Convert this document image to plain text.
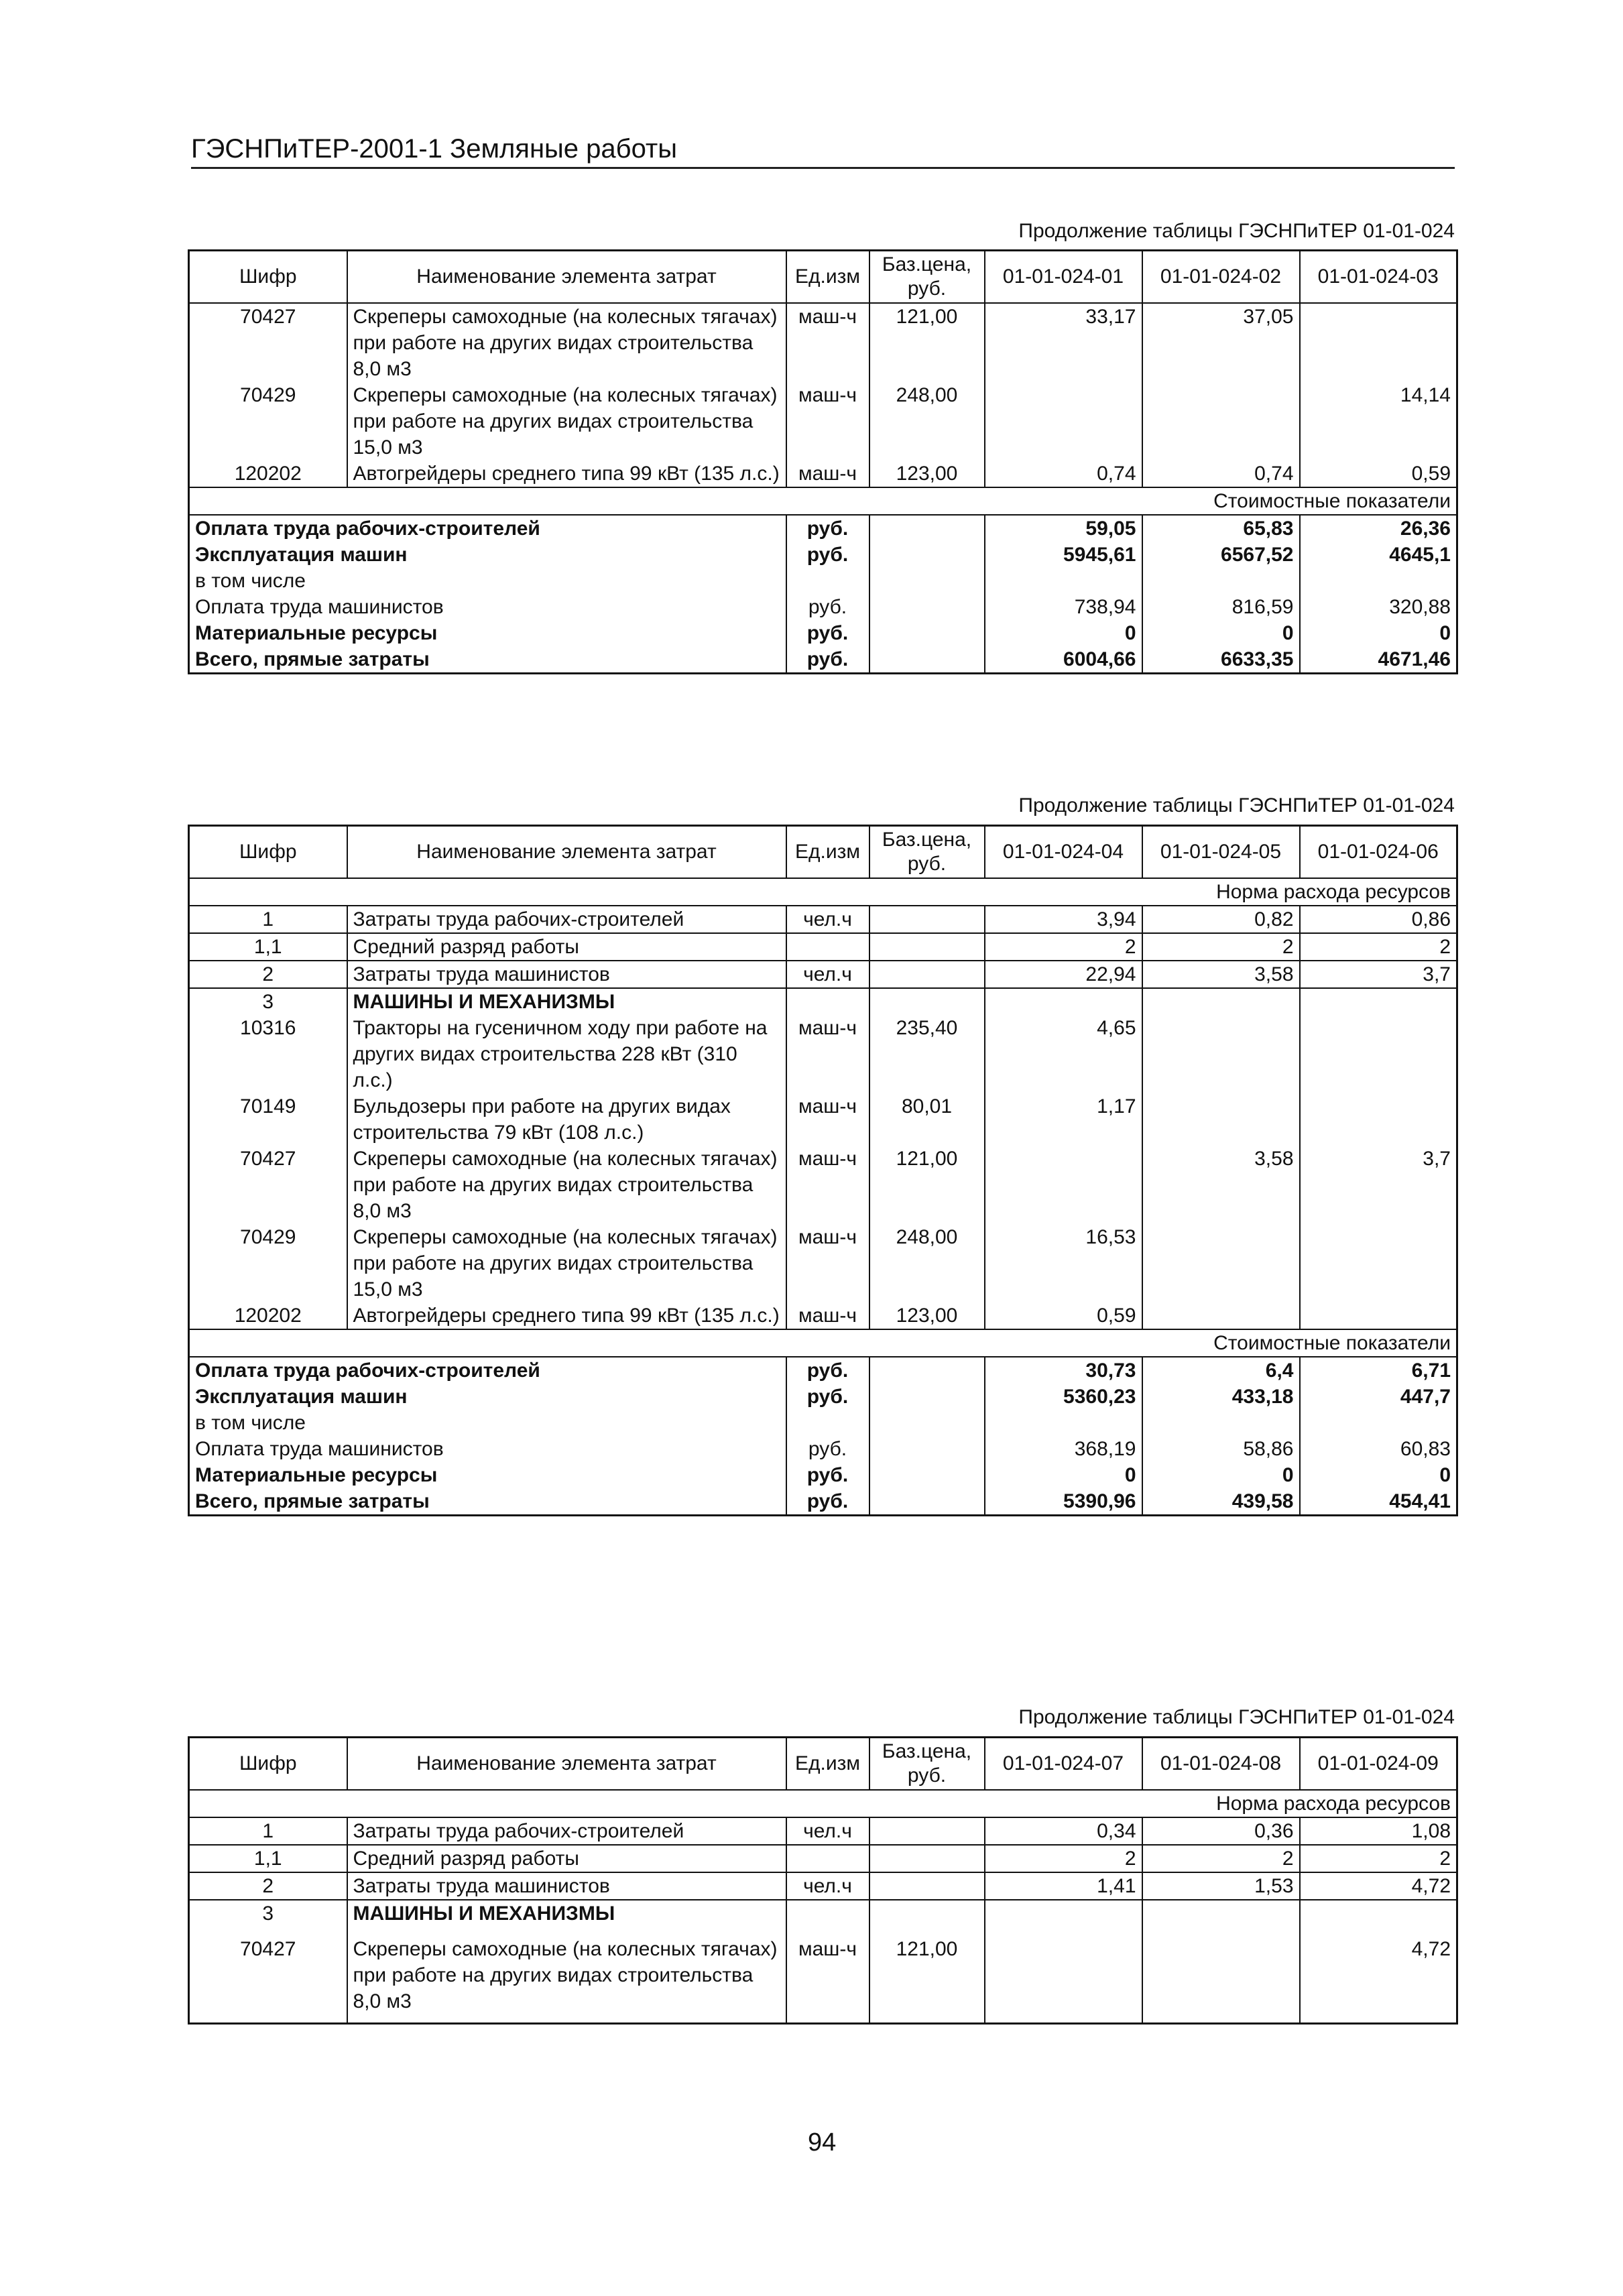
ГЭСНПиТЕР-2001-1 Земляные работы
Продолжение таблицы ГЭСНПиТЕР 01-01-024
Шифр	Наименование элемента затрат	Ед.изм	Баз.цена, руб.	01-01-024-01	01-01-024-02	01-01-024-03
70427	Скреперы самоходные (на колесных тягачах) при работе на других видах строительства 8,0 м3	маш-ч	121,00	33,17	37,05	
70429	Скреперы самоходные (на колесных тягачах) при работе на других видах строительства 15,0 м3	маш-ч	248,00			14,14
120202	Автогрейдеры среднего типа 99 кВт (135 л.с.)	маш-ч	123,00	0,74	0,74	0,59
Стоимостные показатели						
Оплата труда рабочих-строителей		руб.		59,05	65,83	26,36
Эксплуатация машин		руб.		5945,61	6567,52	4645,1
в том числе						
Оплата труда машинистов		руб.		738,94	816,59	320,88
Материальные ресурсы		руб.		0	0	0
Всего, прямые затраты		руб.		6004,66	6633,35	4671,46
Продолжение таблицы ГЭСНПиТЕР 01-01-024
Шифр	Наименование элемента затрат	Ед.изм	Баз.цена, руб.	01-01-024-04	01-01-024-05	01-01-024-06
Норма расхода ресурсов						
1	Затраты труда рабочих-строителей	чел.ч		3,94	0,82	0,86
1,1	Средний разряд работы			2	2	2
2	Затраты труда машинистов	чел.ч		22,94	3,58	3,7
3	МАШИНЫ И МЕХАНИЗМЫ					
10316	Тракторы на гусеничном ходу при работе на других видах строительства 228 кВт (310 л.с.)	маш-ч	235,40	4,65		
70149	Бульдозеры при работе на других видах строительства 79 кВт (108 л.с.)	маш-ч	80,01	1,17		
70427	Скреперы самоходные (на колесных тягачах) при работе на других видах строительства 8,0 м3	маш-ч	121,00		3,58	3,7
70429	Скреперы самоходные (на колесных тягачах) при работе на других видах строительства 15,0 м3	маш-ч	248,00	16,53		
120202	Автогрейдеры среднего типа 99 кВт (135 л.с.)	маш-ч	123,00	0,59		
Стоимостные показатели						
Оплата труда рабочих-строителей		руб.		30,73	6,4	6,71
Эксплуатация машин		руб.		5360,23	433,18	447,7
в том числе						
Оплата труда машинистов		руб.		368,19	58,86	60,83
Материальные ресурсы		руб.		0	0	0
Всего, прямые затраты		руб.		5390,96	439,58	454,41
Продолжение таблицы ГЭСНПиТЕР 01-01-024
Шифр	Наименование элемента затрат	Ед.изм	Баз.цена, руб.	01-01-024-07	01-01-024-08	01-01-024-09
Норма расхода ресурсов						
1	Затраты труда рабочих-строителей	чел.ч		0,34	0,36	1,08
1,1	Средний разряд работы			2	2	2
2	Затраты труда машинистов	чел.ч		1,41	1,53	4,72
3	МАШИНЫ И МЕХАНИЗМЫ					
70427	Скреперы самоходные (на колесных тягачах) при работе на других видах строительства 8,0 м3	маш-ч	121,00			4,72
94
